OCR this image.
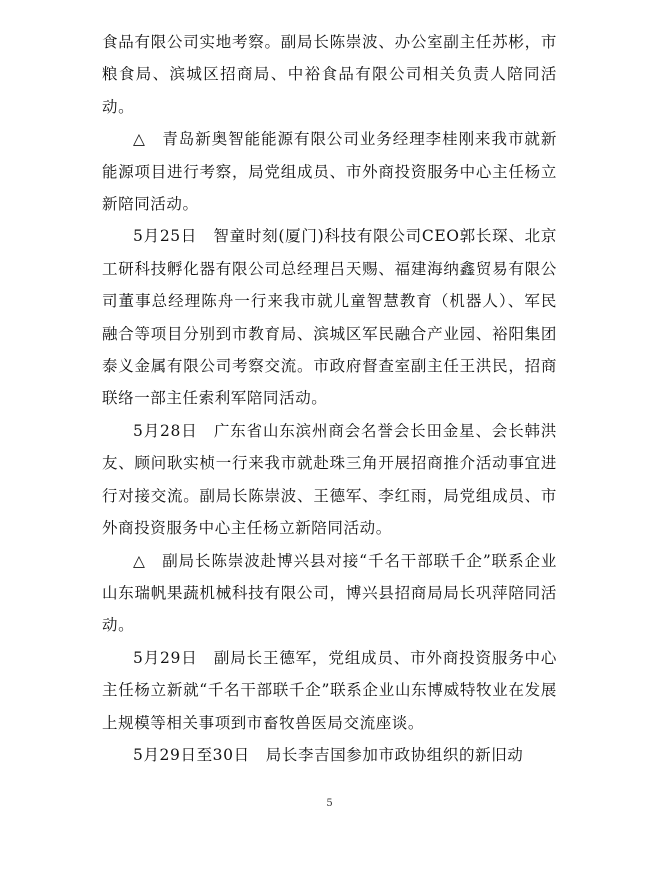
食品有限公司实地考察。副局长陈崇波、办公室副主任苏彬，市粮食局、滨城区招商局、中裕食品有限公司相关负责人陪同活动。

△　青岛新奥智能能源有限公司业务经理李桂刚来我市就新能源项目进行考察，局党组成员、市外商投资服务中心主任杨立新陪同活动。

5月25日　智童时刻(厦门)科技有限公司CEO郭长琛、北京工研科技孵化器有限公司总经理吕天赐、福建海纳鑫贸易有限公司董事总经理陈舟一行来我市就儿童智慧教育（机器人）、军民融合等项目分别到市教育局、滨城区军民融合产业园、裕阳集团泰义金属有限公司考察交流。市政府督查室副主任王洪民，招商联络一部主任索利军陪同活动。

5月28日　广东省山东滨州商会名誉会长田金星、会长韩洪友、顾问耿实桢一行来我市就赴珠三角开展招商推介活动事宜进行对接交流。副局长陈崇波、王德军、李红雨，局党组成员、市外商投资服务中心主任杨立新陪同活动。

△　副局长陈崇波赴博兴县对接“千名干部联千企”联系企业山东瑞帆果蔬机械科技有限公司，博兴县招商局局长巩萍陪同活动。

5月29日　副局长王德军，党组成员、市外商投资服务中心主任杨立新就“千名干部联千企”联系企业山东博威特牧业在发展上规模等相关事项到市畜牧兽医局交流座谈。

5月29日至30日　局长李吉国参加市政协组织的新旧动

5
